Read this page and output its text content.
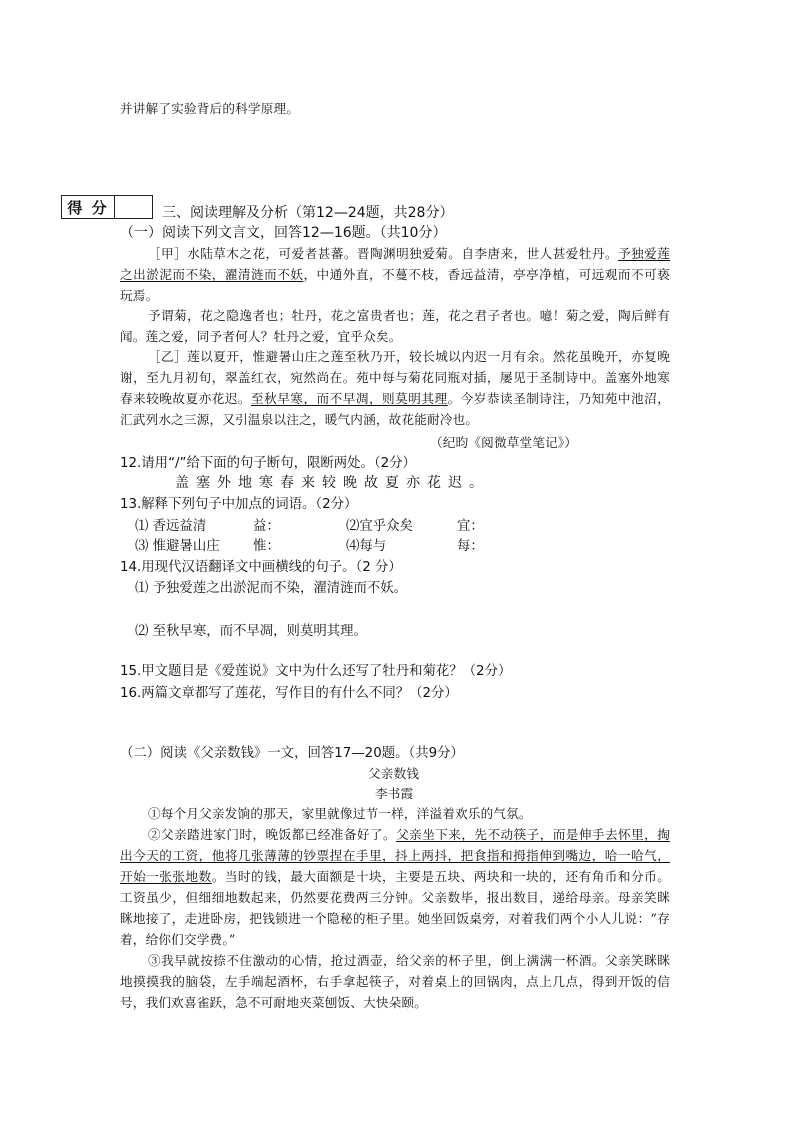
并讲解了实验背后的科学原理。
得 分	三、阅读理解及分析（第12—24题，共28分）
（一）阅读下列文言文，回答12—16题。（共10分）
［甲］水陆草木之花，可爱者甚蕃。晋陶渊明独爱菊。自李唐来，世人甚爱牡丹。予独爱莲之出淤泥而不染，濯清涟而不妖，中通外直，不蔓不枝，香远益清，亭亭净植，可远观而不可亵玩焉。
予谓菊，花之隐逸者也；牡丹，花之富贵者也；莲，花之君子者也。噫！菊之爱，陶后鲜有闻。莲之爱，同予者何人？牡丹之爱，宜乎众矣。
［乙］莲以夏开，惟避暑山庄之莲至秋乃开，较长城以内迟一月有余。然花虽晚开，亦复晚谢，至九月初旬，翠盖红衣，宛然尚在。苑中每与菊花同瓶对插，屡见于圣制诗中。盖塞外地寒春来较晚故夏亦花迟。至秋早寒，而不早凋，则莫明其理。今岁恭读圣制诗注，乃知苑中池沼，汇武列水之三源，又引温泉以注之，暖气内涵，故花能耐冷也。
（纪昀《阅微草堂笔记》）
12.请用“/”给下面的句子断句，限断两处。（2分）
盖塞外地寒春来较晚故夏亦花迟。
13.解释下列句子中加点的词语。（2分）
⑴ 香远益清	益：	⑵宜乎众矣	宜：
⑶ 惟避暑山庄 惟：	⑷每与	每：
14.用现代汉语翻译文中画横线的句子。（2 分）
⑴ 予独爱莲之出淤泥而不染，濯清涟而不妖。
⑵ 至秋早寒，而不早凋，则莫明其理。
15.甲文题目是《爱莲说》文中为什么还写了牡丹和菊花？（2分）
16.两篇文章都写了莲花，写作目的有什么不同？（2分）
（二）阅读《父亲数钱》一文，回答17—20题。（共9分）
父亲数钱
李书霞
①每个月父亲发饷的那天，家里就像过节一样，洋溢着欢乐的气氛。
②父亲踏进家门时，晚饭都已经准备好了。父亲坐下来，先不动筷子，而是伸手去怀里，掏出今天的工资，他将几张薄薄的钞票捏在手里，抖上两抖，把食指和拇指伸到嘴边，哈一哈气，开始一张张地数。当时的钱，最大面额是十块，主要是五块、两块和一块的，还有角币和分币。工资虽少，但细细地数起来，仍然要花费两三分钟。父亲数毕，报出数目，递给母亲。母亲笑眯眯地接了，走进卧房，把钱锁进一个隐秘的柜子里。她坐回饭桌旁，对着我们两个小人儿说：“存着，给你们交学费。”
③我早就按捺不住激动的心情，抢过酒壶，给父亲的杯子里，倒上满满一杯酒。父亲笑眯眯地摸摸我的脑袋，左手端起酒杯，右手拿起筷子，对着桌上的回锅肉，点上几点，得到开饭的信号，我们欢喜雀跃，急不可耐地夹菜刨饭、大快朵颐。
